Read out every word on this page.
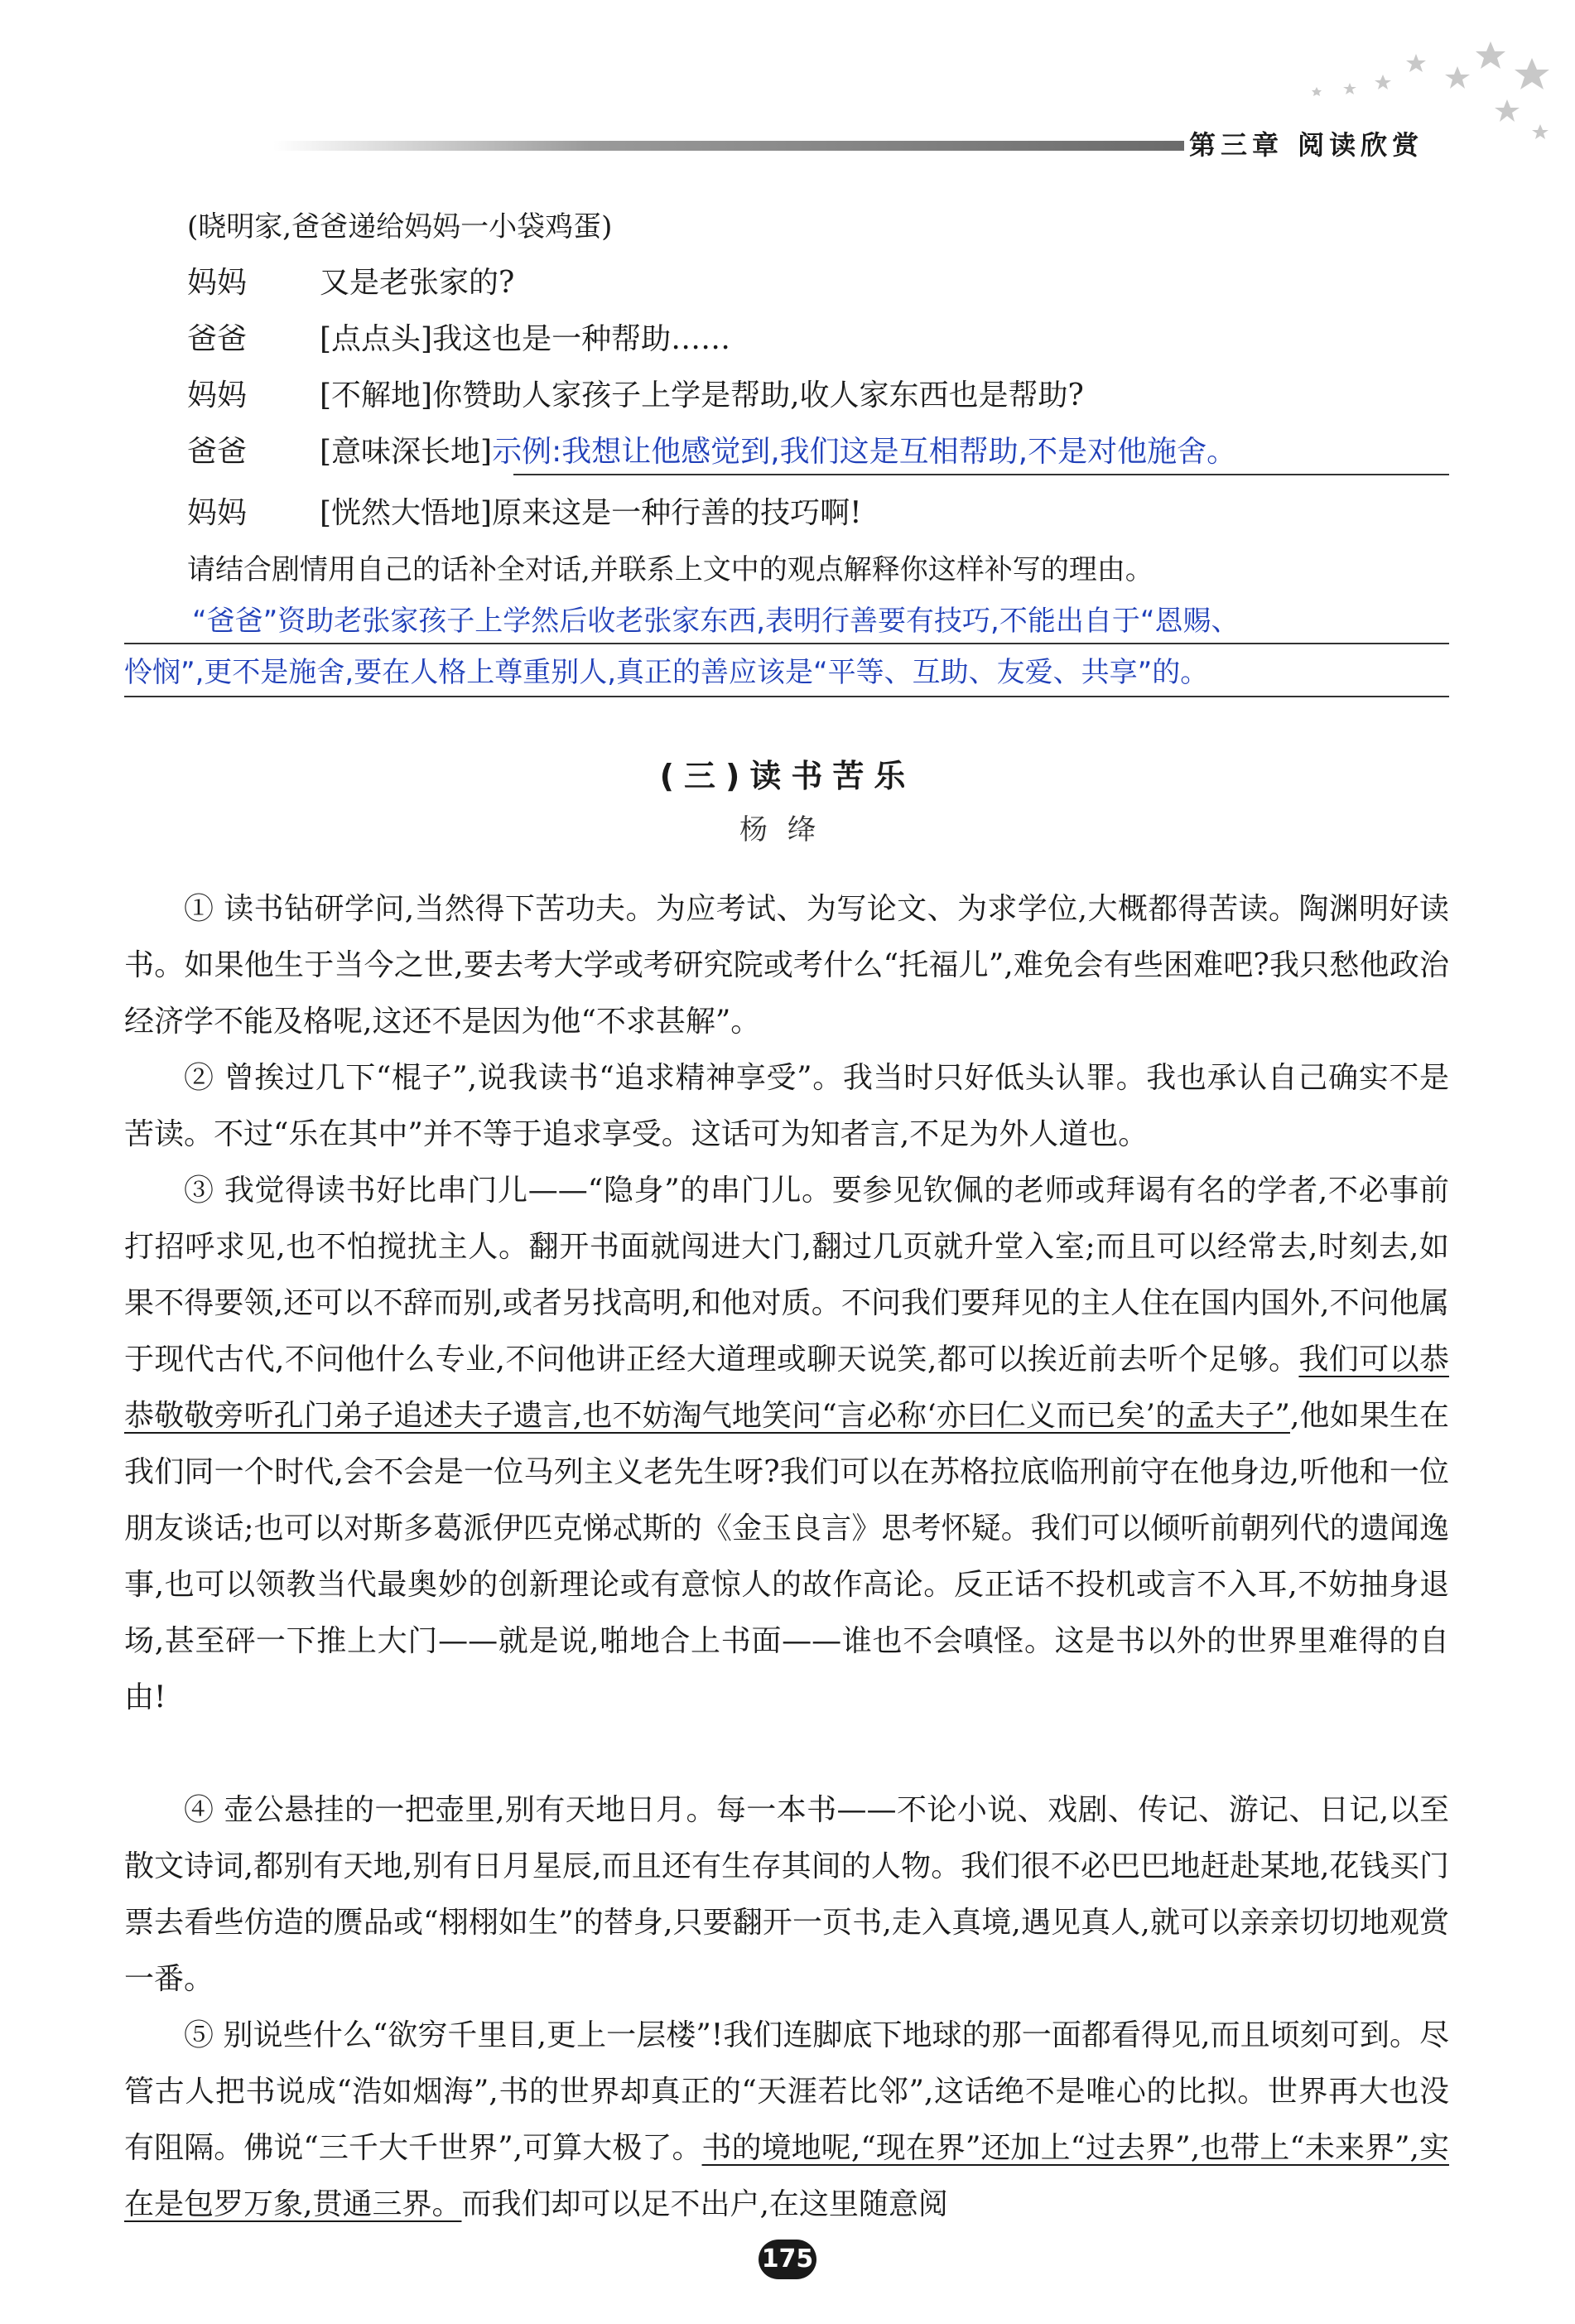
第三章 阅读欣赏
(晓明家,爸爸递给妈妈一小袋鸡蛋)
妈妈 又是老张家的?
爸爸 [点点头]我这也是一种帮助……
妈妈 [不解地]你赞助人家孩子上学是帮助,收人家东西也是帮助?
爸爸 [意味深长地]示例:我想让他感觉到,我们这是互相帮助,不是对他施舍。
妈妈 [恍然大悟地]原来这是一种行善的技巧啊!
请结合剧情用自己的话补全对话,并联系上文中的观点解释你这样补写的理由。
“爸爸”资助老张家孩子上学然后收老张家东西,表明行善要有技巧,不能出自于“恩赐、
怜悯”,更不是施舍,要在人格上尊重别人,真正的善应该是“平等、互助、友爱、共享”的。
(三)读书苦乐
杨绛
① 读书钻研学问,当然得下苦功夫。为应考试、为写论文、为求学位,大概都得苦读。陶渊明好读书。如果他生于当今之世,要去考大学或考研究院或考什么“托福儿”,难免会有些困难吧?我只愁他政治经济学不能及格呢,这还不是因为他“不求甚解”。
② 曾挨过几下“棍子”,说我读书“追求精神享受”。我当时只好低头认罪。我也承认自己确实不是苦读。不过“乐在其中”并不等于追求享受。这话可为知者言,不足为外人道也。
③ 我觉得读书好比串门儿——“隐身”的串门儿。要参见钦佩的老师或拜谒有名的学者,不必事前打招呼求见,也不怕搅扰主人。翻开书面就闯进大门,翻过几页就升堂入室;而且可以经常去,时刻去,如果不得要领,还可以不辞而别,或者另找高明,和他对质。不问我们要拜见的主人住在国内国外,不问他属于现代古代,不问他什么专业,不问他讲正经大道理或聊天说笑,都可以挨近前去听个足够。我们可以恭恭敬敬旁听孔门弟子追述夫子遗言,也不妨淘气地笑问“言必称‘亦曰仁义而已矣’的孟夫子”,他如果生在我们同一个时代,会不会是一位马列主义老先生呀?我们可以在苏格拉底临刑前守在他身边,听他和一位朋友谈话;也可以对斯多葛派伊匹克悌忒斯的《金玉良言》思考怀疑。我们可以倾听前朝列代的遗闻逸事,也可以领教当代最奥妙的创新理论或有意惊人的故作高论。反正话不投机或言不入耳,不妨抽身退场,甚至砰一下推上大门——就是说,啪地合上书面——谁也不会嗔怪。这是书以外的世界里难得的自由!
④ 壶公悬挂的一把壶里,别有天地日月。每一本书——不论小说、戏剧、传记、游记、日记,以至散文诗词,都别有天地,别有日月星辰,而且还有生存其间的人物。我们很不必巴巴地赶赴某地,花钱买门票去看些仿造的赝品或“栩栩如生”的替身,只要翻开一页书,走入真境,遇见真人,就可以亲亲切切地观赏一番。
⑤ 别说些什么“欲穷千里目,更上一层楼”!我们连脚底下地球的那一面都看得见,而且顷刻可到。尽管古人把书说成“浩如烟海”,书的世界却真正的“天涯若比邻”,这话绝不是唯心的比拟。世界再大也没有阻隔。佛说“三千大千世界”,可算大极了。书的境地呢,“现在界”还加上“过去界”,也带上“未来界”,实在是包罗万象,贯通三界。而我们却可以足不出户,在这里随意阅
175
